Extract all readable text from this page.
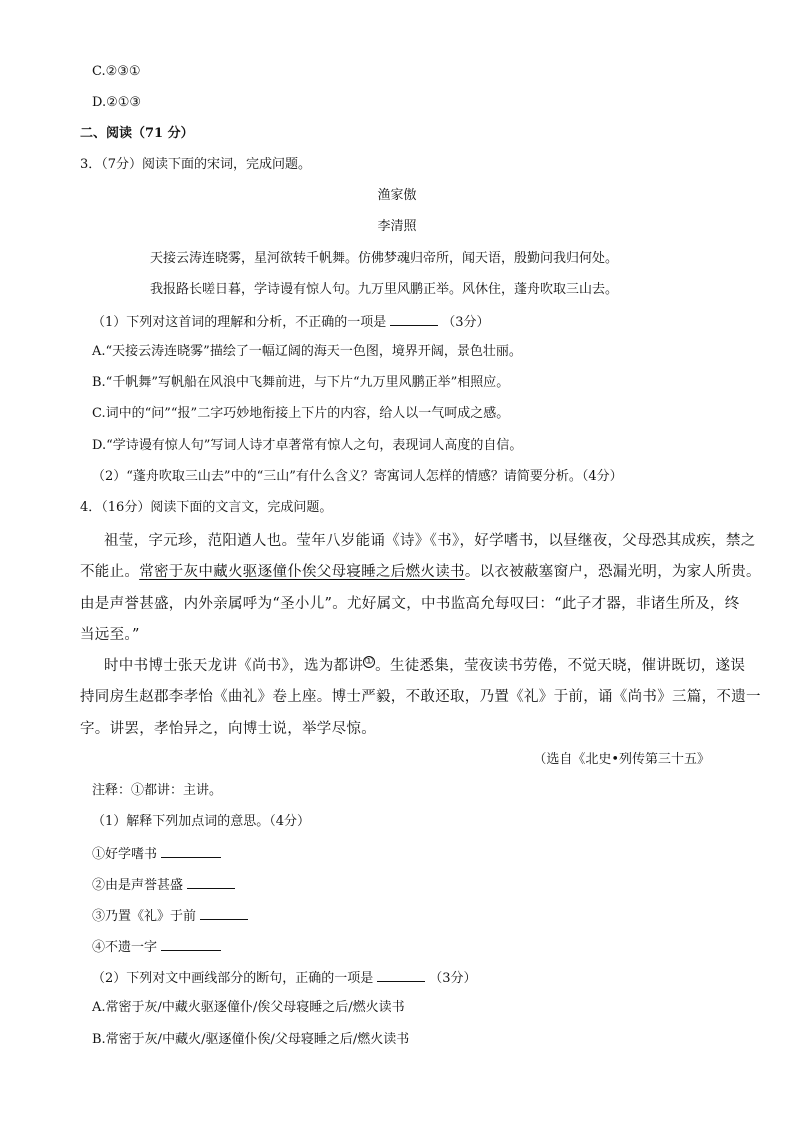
C.②③①
D.②①③
二、阅读（71 分）
3．（7分）阅读下面的宋词，完成问题。
渔家傲
李清照
天接云涛连晓雾，星河欲转千帆舞。仿佛梦魂归帝所，闻天语，殷勤问我归何处。
我报路长嗟日暮，学诗谩有惊人句。九万里风鹏正举。风休住，蓬舟吹取三山去。
（1）下列对这首词的理解和分析，不正确的一项是	（3分）
A.“天接云涛连晓雾”描绘了一幅辽阔的海天一色图，境界开阔，景色壮丽。
B.“千帆舞”写帆船在风浪中飞舞前进，与下片“九万里风鹏正举”相照应。
C.词中的“问”“报”二字巧妙地衔接上下片的内容，给人以一气呵成之感。
D.“学诗谩有惊人句”写词人诗才卓著常有惊人之句，表现词人高度的自信。
（2）“蓬舟吹取三山去”中的“三山”有什么含义？寄寓词人怎样的情感？请简要分析。（4分）
4．（16分）阅读下面的文言文，完成问题。
祖莹，字元珍，范阳遒人也。莹年八岁能诵《诗》《书》，好学嗜书，以昼继夜，父母恐其成疾，禁之
不能止。常密于灰中藏火驱逐僮仆俟父母寝睡之后燃火读书。以衣被蔽塞窗户，恐漏光明，为家人所贵。
由是声誉甚盛，内外亲属呼为“圣小儿”。尤好属文，中书监高允每叹曰：“此子才器，非诸生所及，终
当远至。”
时中书博士张天龙讲《尚书》，选为都讲①。生徒悉集，莹夜读书劳倦，不觉天晓，催讲既切，遂误
持同房生赵郡李孝怡《曲礼》卷上座。博士严毅，不敢还取，乃置《礼》于前，诵《尚书》三篇，不遗一
字。讲罢，孝怡异之，向博士说，举学尽惊。
（选自《北史•列传第三十五》
注释：①都讲：主讲。
（1）解释下列加点词的意思。（4分）
①好学嗜书
②由是声誉甚盛
③乃置《礼》于前
④不遗一字
（2）下列对文中画线部分的断句，正确的一项是	（3分）
A.常密于灰/中藏火驱逐僮仆/俟父母寝睡之后/燃火读书
B.常密于灰/中藏火/驱逐僮仆俟/父母寝睡之后/燃火读书
